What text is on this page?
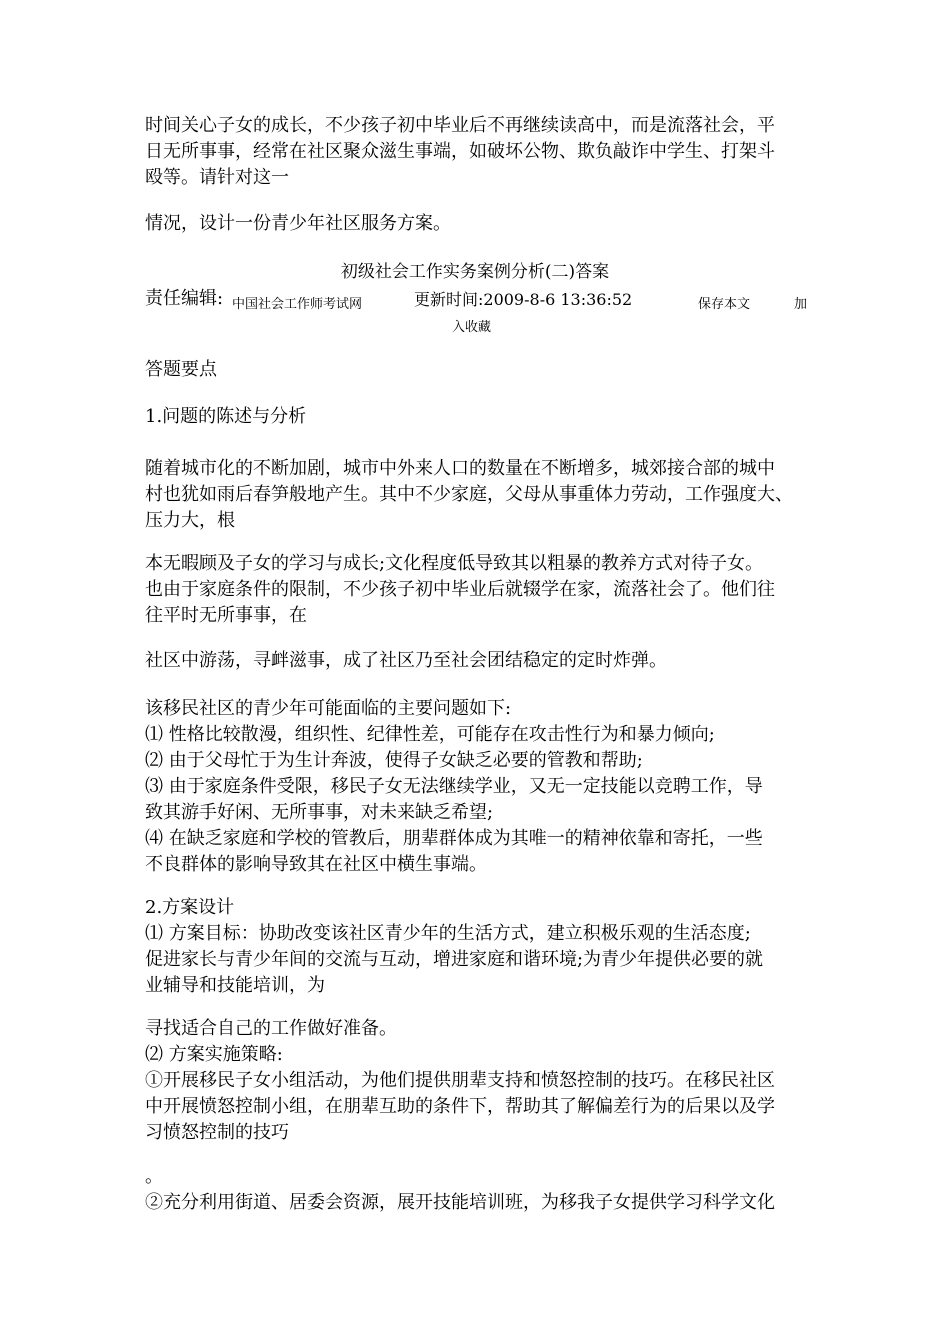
时间关心子女的成长，不少孩子初中毕业后不再继续读高中，而是流落社会，平
日无所事事，经常在社区聚众滋生事端，如破坏公物、欺负敲诈中学生、打架斗
殴等。请针对这一
情况，设计一份青少年社区服务方案。
初级社会工作实务案例分析(二)答案
责任编辑: 中国社会工作师考试网	更新时间:2009-8-6 13:36:52	保存本文	加
入收藏
答题要点
1.问题的陈述与分析
随着城市化的不断加剧，城市中外来人口的数量在不断增多，城郊接合部的城中
村也犹如雨后春笋般地产生。其中不少家庭，父母从事重体力劳动，工作强度大、
压力大，根
本无暇顾及子女的学习与成长;文化程度低导致其以粗暴的教养方式对待子女。
也由于家庭条件的限制，不少孩子初中毕业后就辍学在家，流落社会了。他们往
往平时无所事事，在
社区中游荡，寻衅滋事，成了社区乃至社会团结稳定的定时炸弹。
该移民社区的青少年可能面临的主要问题如下:
⑴ 性格比较散漫，组织性、纪律性差，可能存在攻击性行为和暴力倾向;
⑵ 由于父母忙于为生计奔波，使得子女缺乏必要的管教和帮助;
⑶ 由于家庭条件受限，移民子女无法继续学业，又无一定技能以竞聘工作，导
致其游手好闲、无所事事，对未来缺乏希望;
⑷ 在缺乏家庭和学校的管教后，朋辈群体成为其唯一的精神依靠和寄托，一些
不良群体的影响导致其在社区中横生事端。
2.方案设计
⑴ 方案目标：协助改变该社区青少年的生活方式，建立积极乐观的生活态度;
促进家长与青少年间的交流与互动，增进家庭和谐环境;为青少年提供必要的就
业辅导和技能培训，为
寻找适合自己的工作做好准备。
⑵ 方案实施策略:
①开展移民子女小组活动，为他们提供朋辈支持和愤怒控制的技巧。在移民社区
中开展愤怒控制小组，在朋辈互助的条件下，帮助其了解偏差行为的后果以及学
习愤怒控制的技巧
。
②充分利用街道、居委会资源，展开技能培训班，为移我子女提供学习科学文化
